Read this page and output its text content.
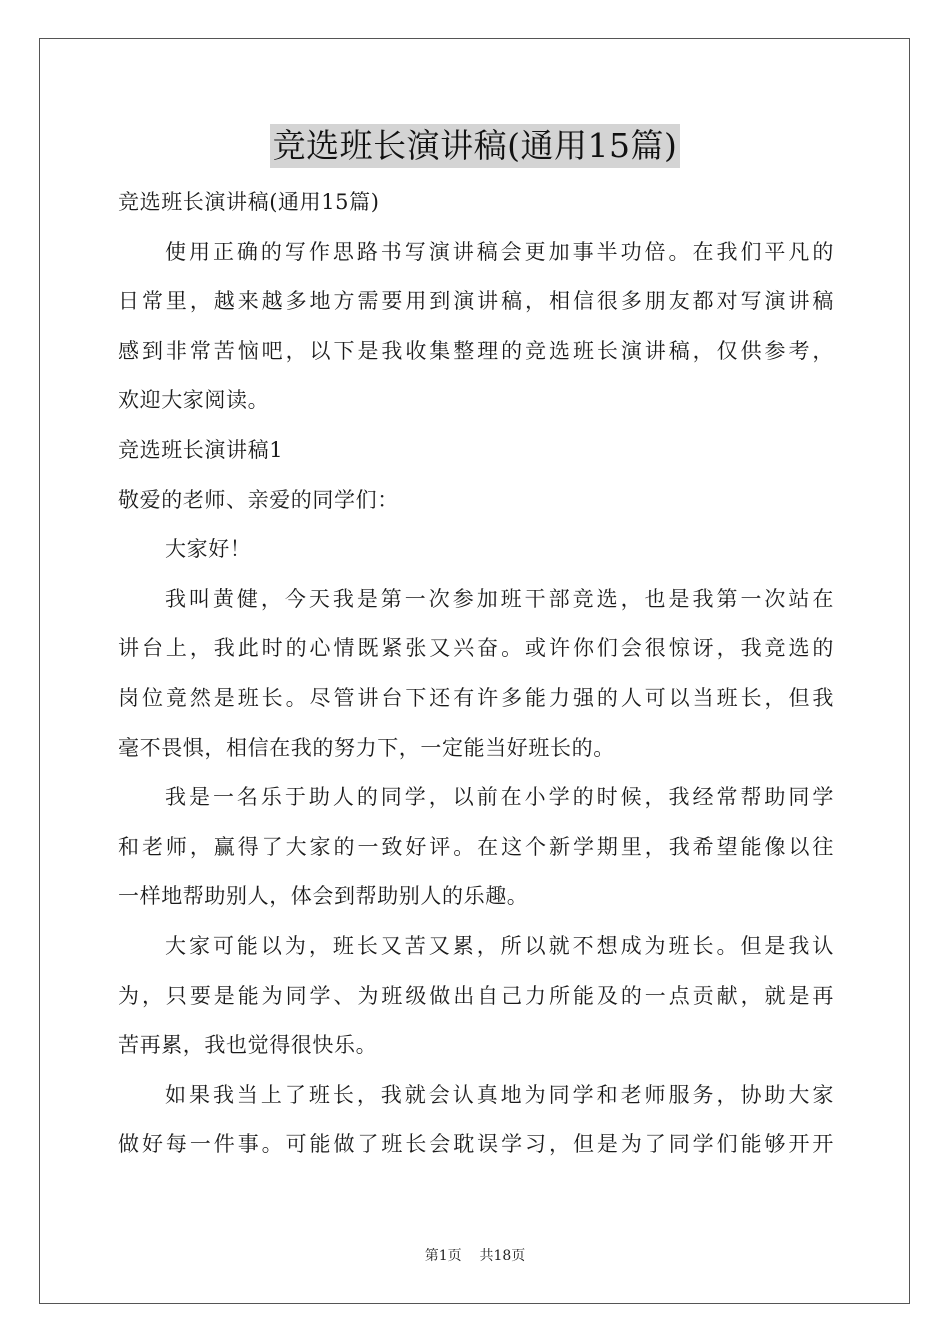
竞选班长演讲稿(通用15篇)
竞选班长演讲稿(通用15篇)
使用正确的写作思路书写演讲稿会更加事半功倍。在我们平凡的
日常里，越来越多地方需要用到演讲稿，相信很多朋友都对写演讲稿
感到非常苦恼吧，以下是我收集整理的竞选班长演讲稿，仅供参考，
欢迎大家阅读。
竞选班长演讲稿1
敬爱的老师、亲爱的同学们：
大家好！
我叫黄健，今天我是第一次参加班干部竞选，也是我第一次站在
讲台上，我此时的心情既紧张又兴奋。或许你们会很惊讶，我竞选的
岗位竟然是班长。尽管讲台下还有许多能力强的人可以当班长，但我
毫不畏惧，相信在我的努力下，一定能当好班长的。
我是一名乐于助人的同学，以前在小学的时候，我经常帮助同学
和老师，赢得了大家的一致好评。在这个新学期里，我希望能像以往
一样地帮助别人，体会到帮助别人的乐趣。
大家可能以为，班长又苦又累，所以就不想成为班长。但是我认
为，只要是能为同学、为班级做出自己力所能及的一点贡献，就是再
苦再累，我也觉得很快乐。
如果我当上了班长，我就会认真地为同学和老师服务，协助大家
做好每一件事。可能做了班长会耽误学习，但是为了同学们能够开开
第1页 共18页
